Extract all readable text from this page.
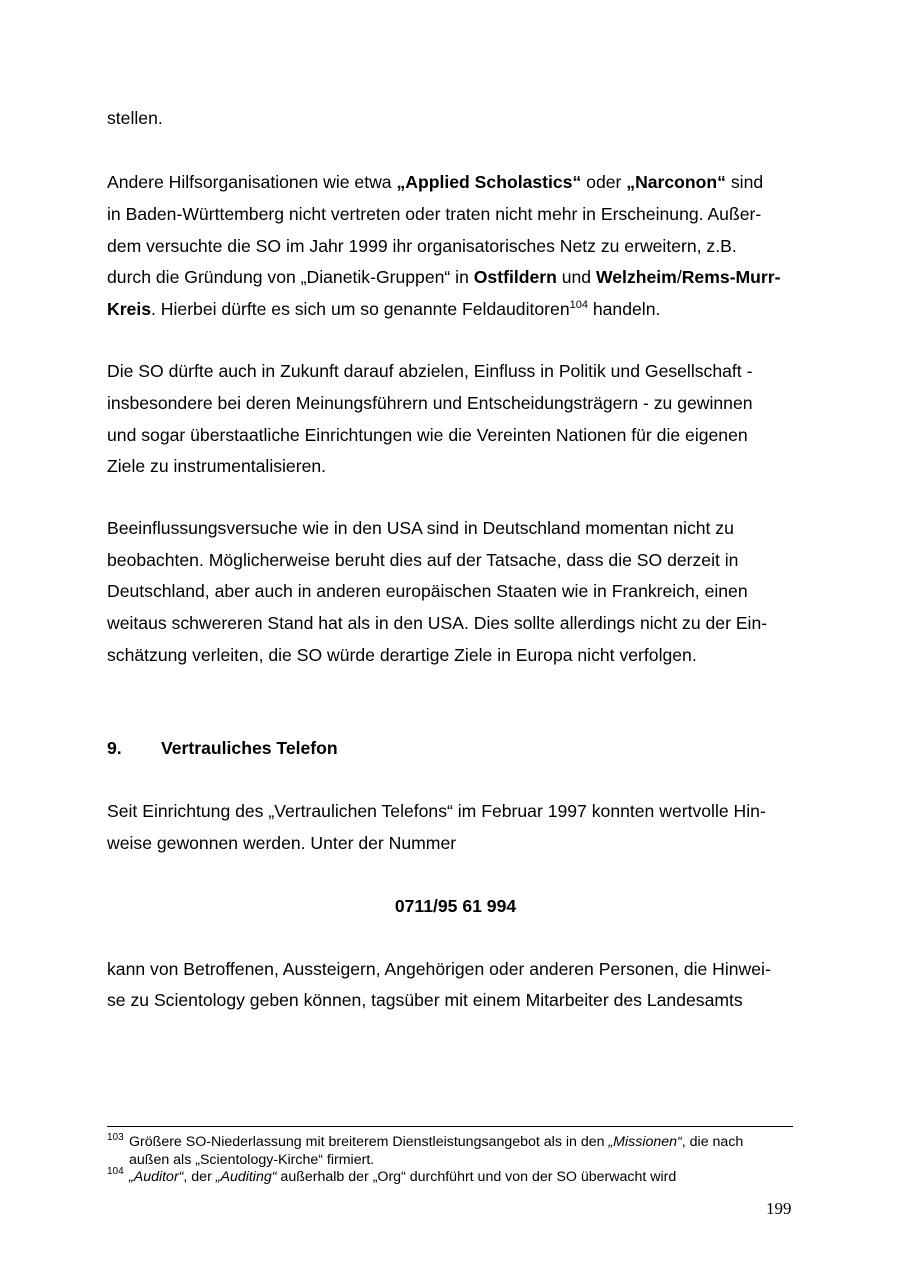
stellen.
Andere Hilfsorganisationen wie etwa „Applied Scholastics“ oder „Narconon“ sind
in Baden-Württemberg nicht vertreten oder traten nicht mehr in Erscheinung. Außer-
dem versuchte die SO im Jahr 1999 ihr organisatorisches Netz zu erweitern, z.B.
durch die Gründung von „Dianetik-Gruppen“ in Ostfildern und Welzheim/Rems-Murr-
Kreis. Hierbei dürfte es sich um so genannte Feldauditoren$^{104}$ handeln.
Die SO dürfte auch in Zukunft darauf abzielen, Einfluss in Politik und Gesellschaft -
insbesondere bei deren Meinungsführern und Entscheidungsträgern - zu gewinnen
und sogar überstaatliche Einrichtungen wie die Vereinten Nationen für die eigenen
Ziele zu instrumentalisieren.
Beeinflussungsversuche wie in den USA sind in Deutschland momentan nicht zu
beobachten. Möglicherweise beruht dies auf der Tatsache, dass die SO derzeit in
Deutschland, aber auch in anderen europäischen Staaten wie in Frankreich, einen
weitaus schwereren Stand hat als in den USA. Dies sollte allerdings nicht zu der Ein-
schätzung verleiten, die SO würde derartige Ziele in Europa nicht verfolgen.
9. Vertrauliches Telefon
Seit Einrichtung des „Vertraulichen Telefons“ im Februar 1997 konnten wertvolle Hin-
weise gewonnen werden. Unter der Nummer
0711/95 61 994
kann von Betroffenen, Aussteigern, Angehörigen oder anderen Personen, die Hinwei-
se zu Scientology geben können, tagsüber mit einem Mitarbeiter des Landesamts
103 Größere SO-Niederlassung mit breiterem Dienstleistungsangebot als in den „Missionen“, die nach
außen als „Scientology-Kirche“ firmiert.
104 „Auditor“, der „Auditing“ außerhalb der „Org“ durchführt und von der SO überwacht wird
199
